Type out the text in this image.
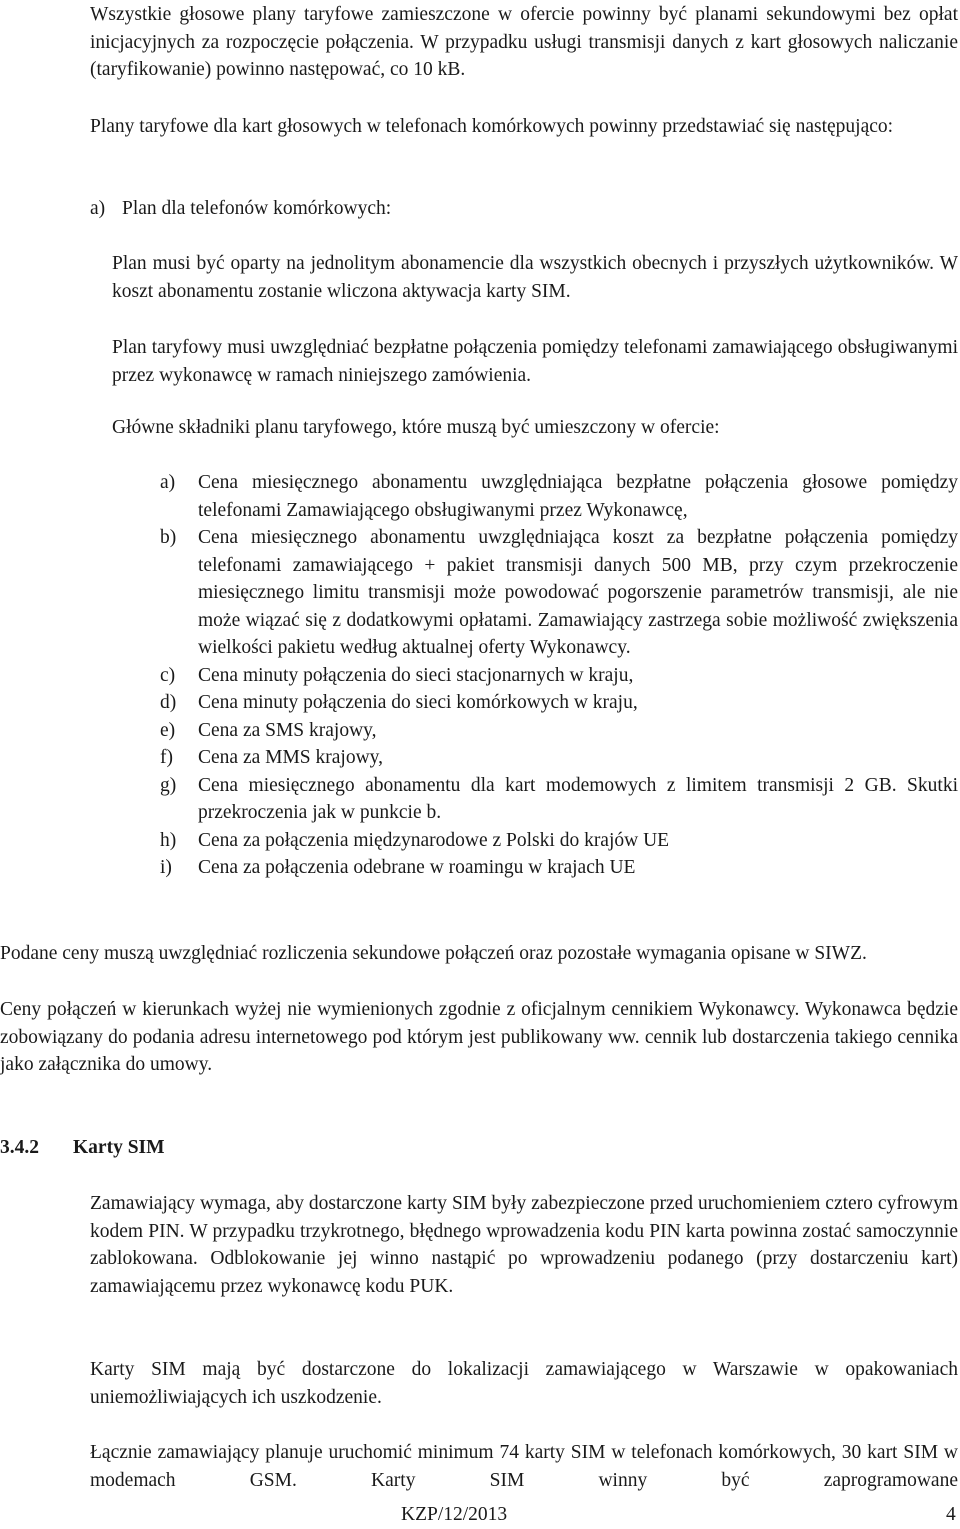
Wszystkie głosowe plany taryfowe zamieszczone w ofercie powinny być planami sekundowymi bez opłat inicjacyjnych za rozpoczęcie połączenia. W przypadku usługi transmisji danych z kart głosowych naliczanie (taryfikowanie) powinno następować, co 10 kB.

Plany taryfowe dla kart głosowych w telefonach komórkowych powinny przedstawiać się następująco:

a) Plan dla telefonów komórkowych:

Plan musi być oparty na jednolitym abonamencie dla wszystkich obecnych i przyszłych użytkowników. W koszt abonamentu zostanie wliczona aktywacja karty SIM.

Plan taryfowy musi uwzględniać bezpłatne połączenia pomiędzy telefonami zamawiającego obsługiwanymi przez wykonawcę w ramach niniejszego zamówienia.

Główne składniki planu taryfowego, które muszą być umieszczony w ofercie:

a) Cena miesięcznego abonamentu uwzględniająca bezpłatne połączenia głosowe pomiędzy telefonami Zamawiającego obsługiwanymi przez Wykonawcę,
b) Cena miesięcznego abonamentu uwzględniająca koszt za bezpłatne połączenia pomiędzy telefonami zamawiającego + pakiet transmisji danych 500 MB, przy czym przekroczenie miesięcznego limitu transmisji może powodować pogorszenie parametrów transmisji, ale nie może wiązać się z dodatkowymi opłatami. Zamawiający zastrzega sobie możliwość zwiększenia wielkości pakietu według aktualnej oferty Wykonawcy.
c) Cena minuty połączenia do sieci stacjonarnych w kraju,
d) Cena minuty połączenia do sieci komórkowych w kraju,
e) Cena za SMS krajowy,
f) Cena za MMS krajowy,
g) Cena miesięcznego abonamentu dla kart modemowych z limitem transmisji 2 GB. Skutki przekroczenia jak w punkcie b.
h) Cena za połączenia międzynarodowe z Polski do krajów UE
i) Cena za połączenia odebrane w roamingu w krajach UE

Podane ceny muszą uwzględniać rozliczenia sekundowe połączeń oraz pozostałe wymagania opisane w SIWZ.

Ceny połączeń w kierunkach wyżej nie wymienionych zgodnie z oficjalnym cennikiem Wykonawcy. Wykonawca będzie zobowiązany do podania adresu internetowego pod którym jest publikowany ww. cennik lub dostarczenia takiego cennika jako załącznika do umowy.

3.4.2 Karty SIM

Zamawiający wymaga, aby dostarczone karty SIM były zabezpieczone przed uruchomieniem cztero cyfrowym kodem PIN. W przypadku trzykrotnego, błędnego wprowadzenia kodu PIN karta powinna zostać samoczynnie zablokowana. Odblokowanie jej winno nastąpić po wprowadzeniu podanego (przy dostarczeniu kart) zamawiającemu przez wykonawcę kodu PUK.

Karty SIM mają być dostarczone do lokalizacji zamawiającego w Warszawie w opakowaniach uniemożliwiających ich uszkodzenie.

Łącznie zamawiający planuje uruchomić minimum 74 karty SIM w telefonach komórkowych, 30 kart SIM w modemach GSM. Karty SIM winny być zaprogramowane

KZP/12/2013	4
